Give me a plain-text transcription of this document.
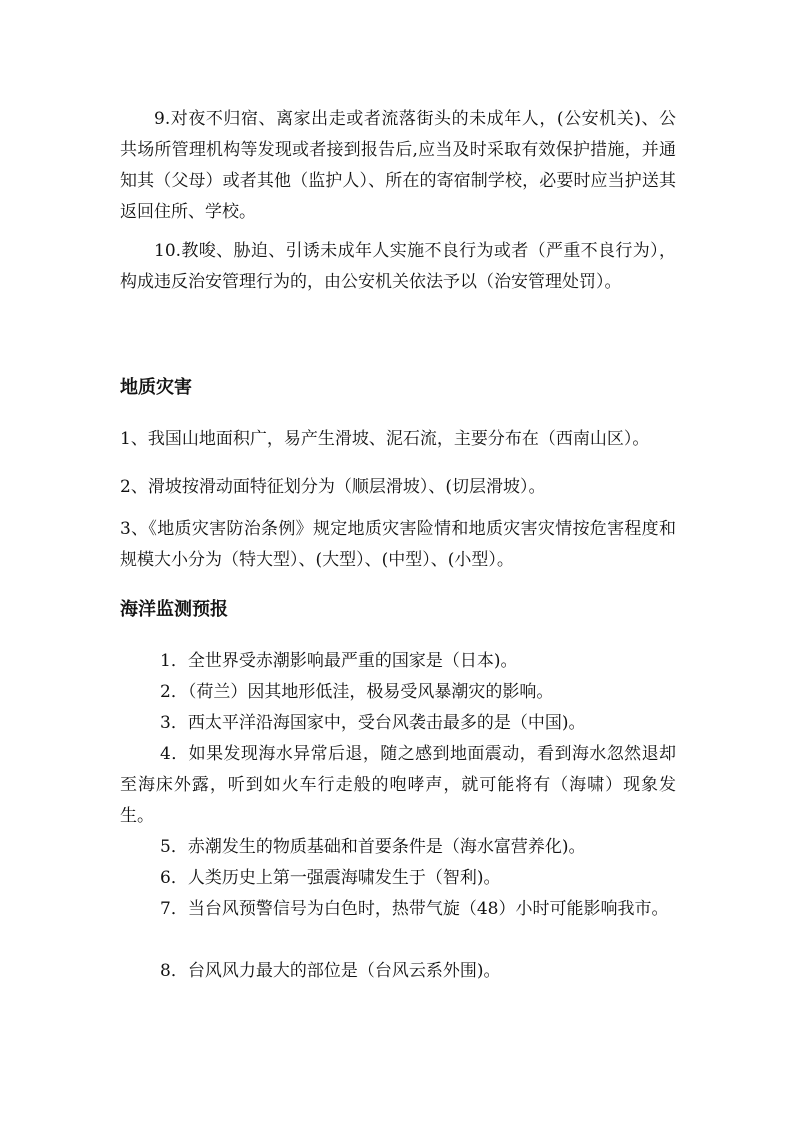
9.对夜不归宿、离家出走或者流落街头的未成年人，(公安机关)、公共场所管理机构等发现或者接到报告后,应当及时采取有效保护措施，并通知其（父母）或者其他（监护人）、所在的寄宿制学校，必要时应当护送其返回住所、学校。

10.教唆、胁迫、引诱未成年人实施不良行为或者（严重不良行为），构成违反治安管理行为的，由公安机关依法予以（治安管理处罚）。

地质灾害

1、我国山地面积广，易产生滑坡、泥石流，主要分布在（西南山区）。

2、滑坡按滑动面特征划分为（顺层滑坡）、(切层滑坡）。

3、《地质灾害防治条例》规定地质灾害险情和地质灾害灾情按危害程度和规模大小分为（特大型）、(大型）、(中型）、(小型）。

海洋监测预报

1．全世界受赤潮影响最严重的国家是（日本)。

2．（荷兰）因其地形低洼，极易受风暴潮灾的影响。

3．西太平洋沿海国家中，受台风袭击最多的是（中国)。

4．如果发现海水异常后退，随之感到地面震动，看到海水忽然退却至海床外露，听到如火车行走般的咆哮声，就可能将有（海啸）现象发生。

5．赤潮发生的物质基础和首要条件是（海水富营养化)。

6．人类历史上第一强震海啸发生于（智利)。

7．当台风预警信号为白色时，热带气旋（48）小时可能影响我市。

8．台风风力最大的部位是（台风云系外围)。
